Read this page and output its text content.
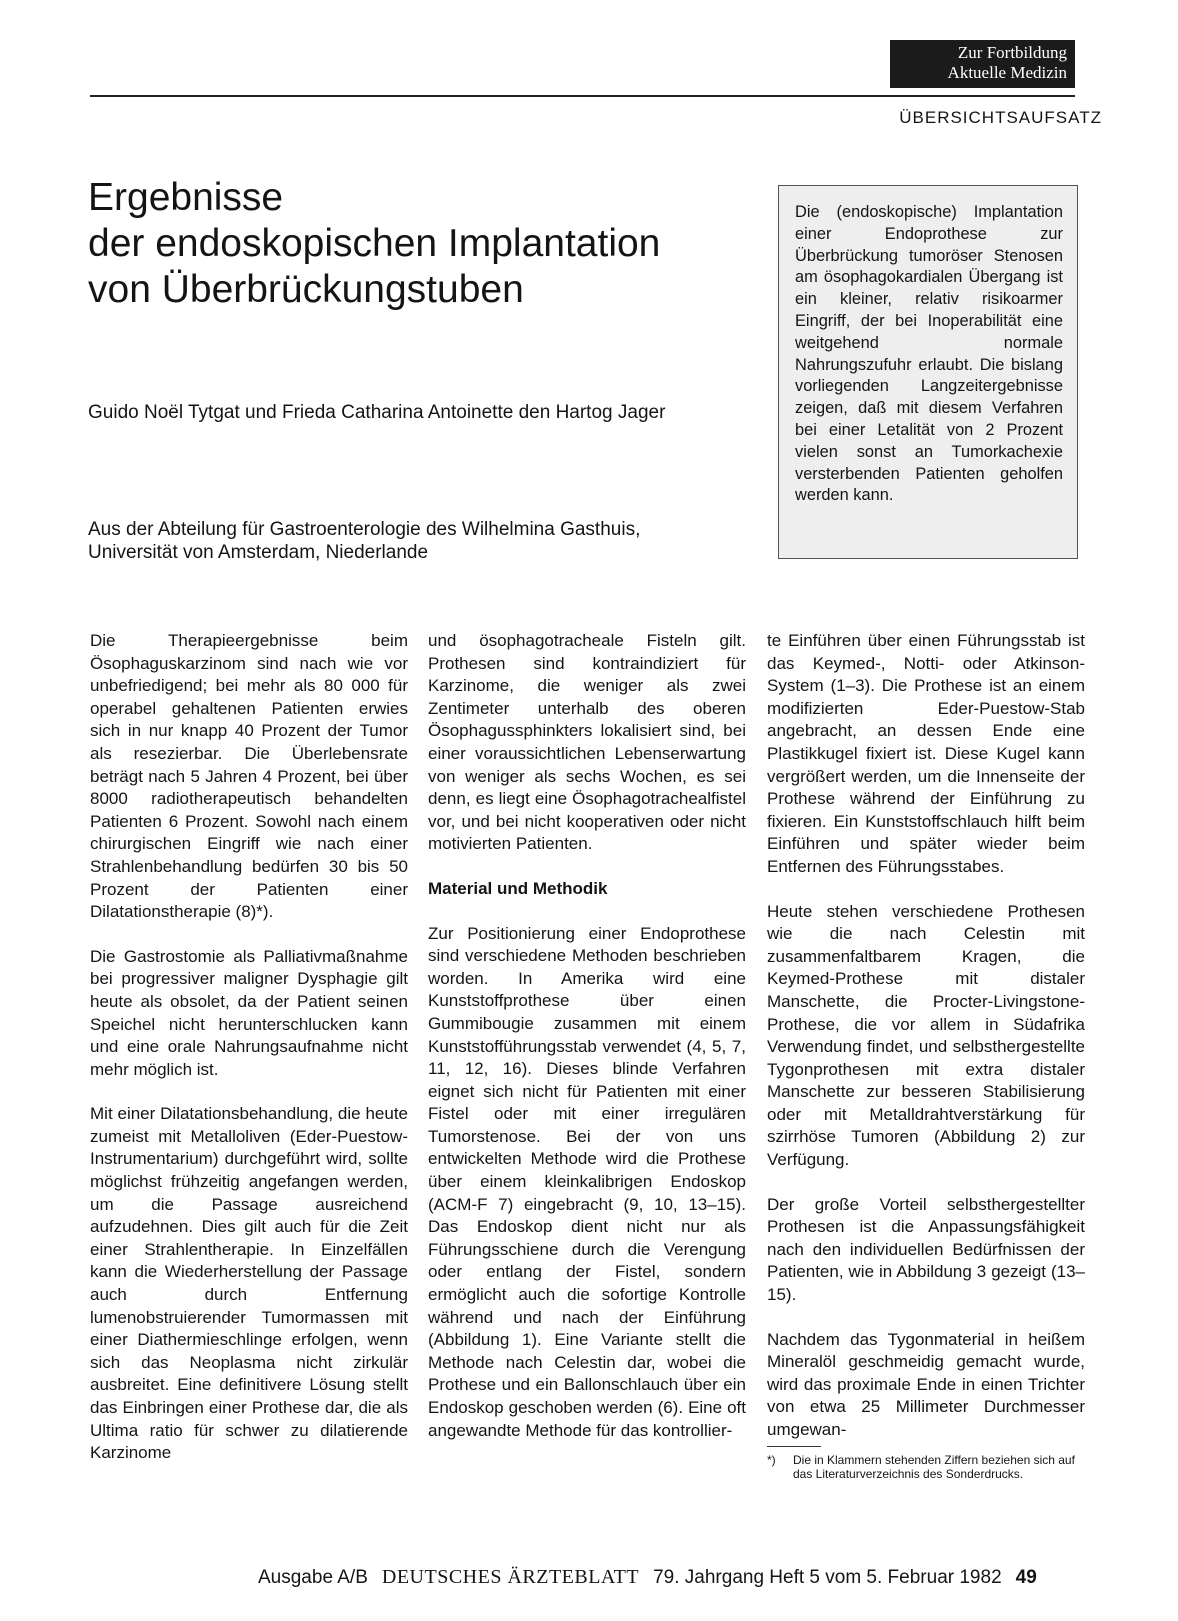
Zur Fortbildung
Aktuelle Medizin
ÜBERSICHTSAUFSATZ
Ergebnisse
der endoskopischen Implantation
von Überbrückungstuben
Guido Noël Tytgat und Frieda Catharina Antoinette den Hartog Jager
Aus der Abteilung für Gastroenterologie des Wilhelmina Gasthuis,
Universität von Amsterdam, Niederlande
Die (endoskopische) Implantation einer Endoprothese zur Überbrückung tumoröser Stenosen am ösophagokardialen Übergang ist ein kleiner, relativ risikoarmer Eingriff, der bei Inoperabilität eine weitgehend normale Nahrungszufuhr erlaubt. Die bislang vorliegenden Langzeitergebnisse zeigen, daß mit diesem Verfahren bei einer Letalität von 2 Prozent vielen sonst an Tumorkachexie versterbenden Patienten geholfen werden kann.

Die Therapieergebnisse beim Ösophaguskarzinom sind nach wie vor unbefriedigend; bei mehr als 80 000 für operabel gehaltenen Patienten erwies sich in nur knapp 40 Prozent der Tumor als resezierbar. Die Überlebensrate beträgt nach 5 Jahren 4 Prozent, bei über 8000 radiotherapeutisch behandelten Patienten 6 Prozent. Sowohl nach einem chirurgischen Eingriff wie nach einer Strahlenbehandlung bedürfen 30 bis 50 Prozent der Patienten einer Dilatationstherapie (8)*).

Die Gastrostomie als Palliativmaßnahme bei progressiver maligner Dysphagie gilt heute als obsolet, da der Patient seinen Speichel nicht herunterschlucken kann und eine orale Nahrungsaufnahme nicht mehr möglich ist.

Mit einer Dilatationsbehandlung, die heute zumeist mit Metalloliven (Eder-Puestow-Instrumentarium) durchgeführt wird, sollte möglichst frühzeitig angefangen werden, um die Passage ausreichend aufzudehnen. Dies gilt auch für die Zeit einer Strahlentherapie. In Einzelfällen kann die Wiederherstellung der Passage auch durch Entfernung lumenobstruierender Tumormassen mit einer Diathermieschlinge erfolgen, wenn sich das Neoplasma nicht zirkulär ausbreitet. Eine definitivere Lösung stellt das Einbringen einer Prothese dar, die als Ultima ratio für schwer zu dilatierende Karzinome

und ösophagotracheale Fisteln gilt. Prothesen sind kontraindiziert für Karzinome, die weniger als zwei Zentimeter unterhalb des oberen Ösophagussphinkters lokalisiert sind, bei einer voraussichtlichen Lebenserwartung von weniger als sechs Wochen, es sei denn, es liegt eine Ösophagotrachealfistel vor, und bei nicht kooperativen oder nicht motivierten Patienten.

Material und Methodik

Zur Positionierung einer Endoprothese sind verschiedene Methoden beschrieben worden. In Amerika wird eine Kunststoffprothese über einen Gummibougie zusammen mit einem Kunststofführungsstab verwendet (4, 5, 7, 11, 12, 16). Dieses blinde Verfahren eignet sich nicht für Patienten mit einer Fistel oder mit einer irregulären Tumorstenose. Bei der von uns entwickelten Methode wird die Prothese über einem kleinkalibrigen Endoskop (ACM-F 7) eingebracht (9, 10, 13–15). Das Endoskop dient nicht nur als Führungsschiene durch die Verengung oder entlang der Fistel, sondern ermöglicht auch die sofortige Kontrolle während und nach der Einführung (Abbildung 1). Eine Variante stellt die Methode nach Celestin dar, wobei die Prothese und ein Ballonschlauch über ein Endoskop geschoben werden (6). Eine oft angewandte Methode für das kontrollier-

te Einführen über einen Führungsstab ist das Keymed-, Notti- oder Atkinson-System (1–3). Die Prothese ist an einem modifizierten Eder-Puestow-Stab angebracht, an dessen Ende eine Plastikkugel fixiert ist. Diese Kugel kann vergrößert werden, um die Innenseite der Prothese während der Einführung zu fixieren. Ein Kunststoffschlauch hilft beim Einführen und später wieder beim Entfernen des Führungsstabes.

Heute stehen verschiedene Prothesen wie die nach Celestin mit zusammenfaltbarem Kragen, die Keymed-Prothese mit distaler Manschette, die Procter-Livingstone-Prothese, die vor allem in Südafrika Verwendung findet, und selbsthergestellte Tygonprothesen mit extra distaler Manschette zur besseren Stabilisierung oder mit Metalldrahtverstärkung für szirrhöse Tumoren (Abbildung 2) zur Verfügung.

Der große Vorteil selbsthergestellter Prothesen ist die Anpassungsfähigkeit nach den individuellen Bedürfnissen der Patienten, wie in Abbildung 3 gezeigt (13–15).

Nachdem das Tygonmaterial in heißem Mineralöl geschmeidig gemacht wurde, wird das proximale Ende in einen Trichter von etwa 25 Millimeter Durchmesser umgewan-

*)	Die in Klammern stehenden Ziffern beziehen sich auf das Literaturverzeichnis des Sonderdrucks.
Ausgabe A/B DEUTSCHES ÄRZTEBLATT 79. Jahrgang Heft 5 vom 5. Februar 1982 49
